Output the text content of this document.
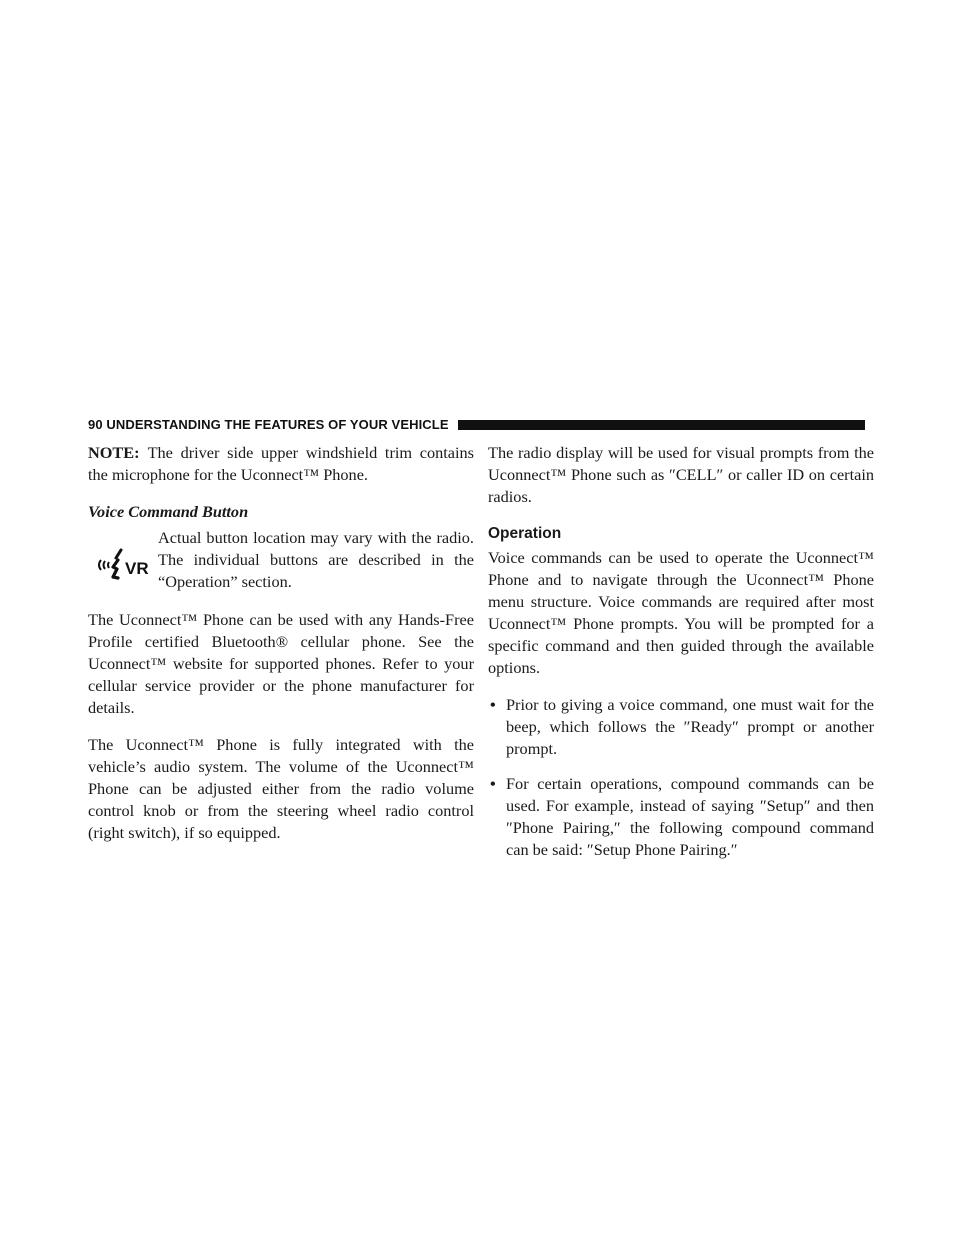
90 UNDERSTANDING THE FEATURES OF YOUR VEHICLE

NOTE: The driver side upper windshield trim contains the microphone for the Uconnect™ Phone.

Voice Command Button
VR

Actual button location may vary with the radio. The individual buttons are described in the “Operation” section.

The Uconnect™ Phone can be used with any Hands-Free Profile certified Bluetooth® cellular phone. See the Uconnect™ website for supported phones. Refer to your cellular service provider or the phone manufacturer for details.

The Uconnect™ Phone is fully integrated with the vehicle’s audio system. The volume of the Uconnect™ Phone can be adjusted either from the radio volume control knob or from the steering wheel radio control (right switch), if so equipped.

The radio display will be used for visual prompts from the Uconnect™ Phone such as ″CELL″ or caller ID on certain radios.

Operation

Voice commands can be used to operate the Uconnect™ Phone and to navigate through the Uconnect™ Phone menu structure. Voice commands are required after most Uconnect™ Phone prompts. You will be prompted for a specific command and then guided through the available options.

• Prior to giving a voice command, one must wait for the beep, which follows the ″Ready″ prompt or another prompt.
• For certain operations, compound commands can be used. For example, instead of saying ″Setup″ and then ″Phone Pairing,″ the following compound command can be said: ″Setup Phone Pairing.″
